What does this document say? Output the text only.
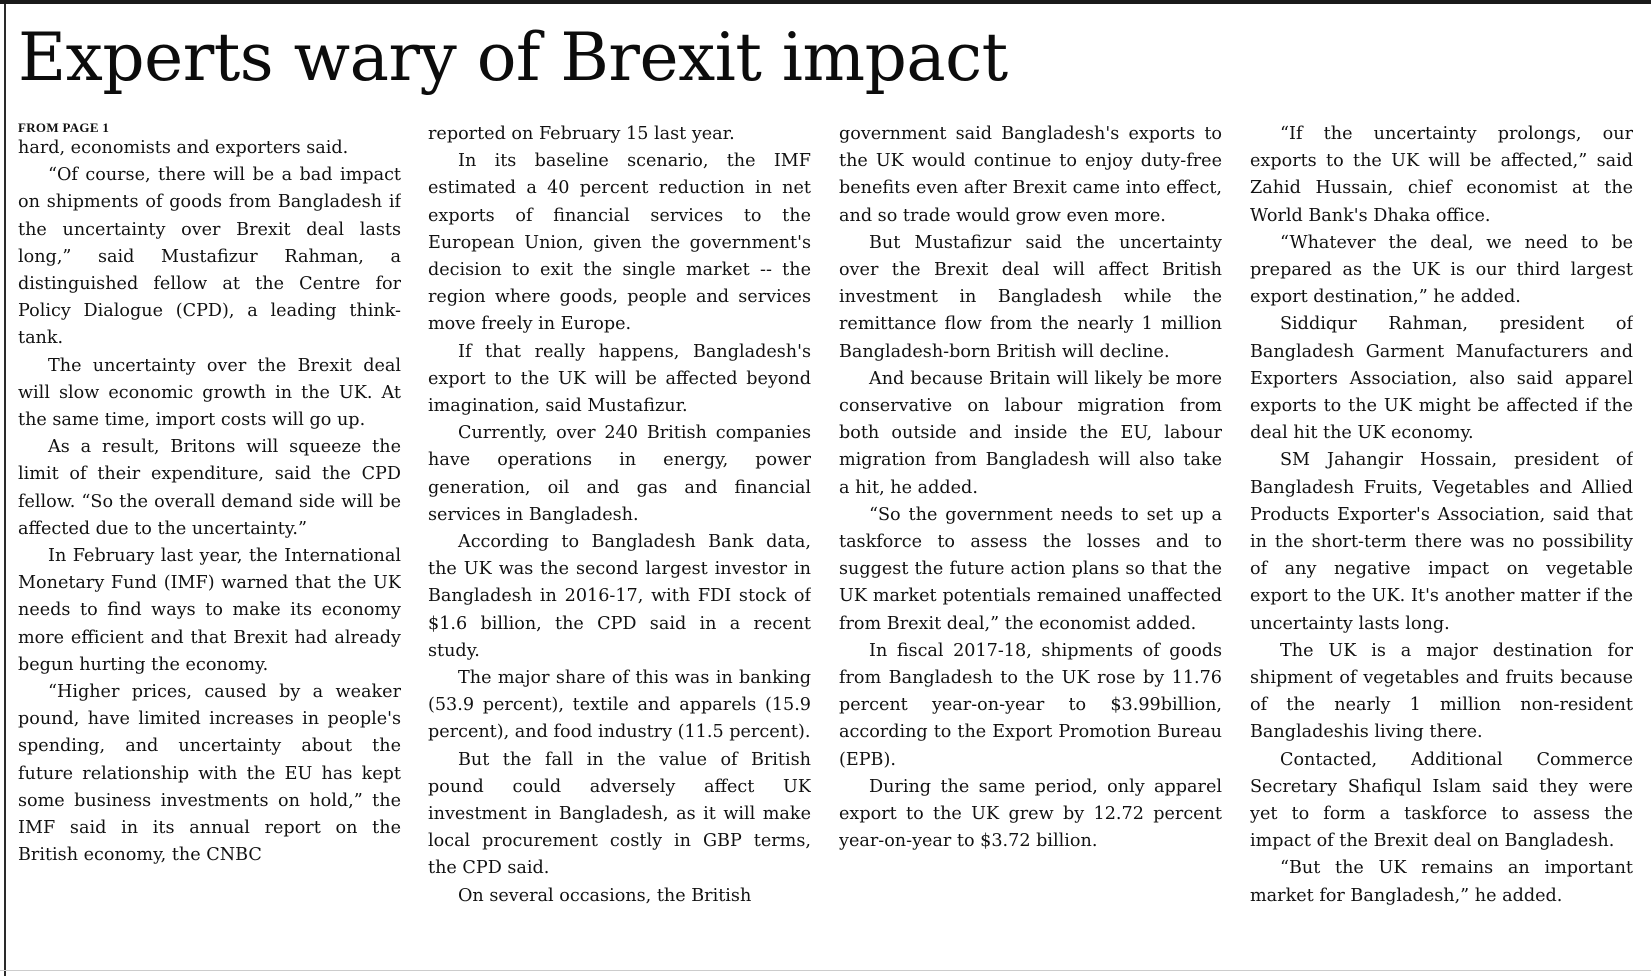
Experts wary of Brexit impact
FROM PAGE 1

hard, economists and exporters said.

“Of course, there will be a bad impact on shipments of goods from Bangladesh if the uncertainty over Brexit deal lasts long,” said Mustafizur Rahman, a distinguished fellow at the Centre for Policy Dialogue (CPD), a leading think-tank.

The uncertainty over the Brexit deal will slow economic growth in the UK. At the same time, import costs will go up.

As a result, Britons will squeeze the limit of their expenditure, said the CPD fellow. “So the overall demand side will be affected due to the uncertainty.”

In February last year, the International Monetary Fund (IMF) warned that the UK needs to find ways to make its economy more efficient and that Brexit had already begun hurting the economy.

“Higher prices, caused by a weaker pound, have limited increases in people's spending, and uncertainty about the future relationship with the EU has kept some business investments on hold,” the IMF said in its annual report on the British economy, the CNBC

reported on February 15 last year.

In its baseline scenario, the IMF estimated a 40 percent reduction in net exports of financial services to the European Union, given the government's decision to exit the single market -- the region where goods, people and services move freely in Europe.

If that really happens, Bangladesh's export to the UK will be affected beyond imagination, said Mustafizur.

Currently, over 240 British companies have operations in energy, power generation, oil and gas and financial services in Bangladesh.

According to Bangladesh Bank data, the UK was the second largest investor in Bangladesh in 2016-17, with FDI stock of $1.6 billion, the CPD said in a recent study.

The major share of this was in banking (53.9 percent), textile and apparels (15.9 percent), and food industry (11.5 percent).

But the fall in the value of British pound could adversely affect UK investment in Bangladesh, as it will make local procurement costly in GBP terms, the CPD said.

On several occasions, the British

government said Bangladesh's exports to the UK would continue to enjoy duty-free benefits even after Brexit came into effect, and so trade would grow even more.

But Mustafizur said the uncertainty over the Brexit deal will affect British investment in Bangladesh while the remittance flow from the nearly 1 million Bangladesh-born British will decline.

And because Britain will likely be more conservative on labour migration from both outside and inside the EU, labour migration from Bangladesh will also take a hit, he added.

“So the government needs to set up a taskforce to assess the losses and to suggest the future action plans so that the UK market potentials remained unaffected from Brexit deal,” the economist added.

In fiscal 2017-18, shipments of goods from Bangladesh to the UK rose by 11.76 percent year-on-year to $3.99billion, according to the Export Promotion Bureau (EPB).

During the same period, only apparel export to the UK grew by 12.72 percent year-on-year to $3.72 billion.

“If the uncertainty prolongs, our exports to the UK will be affected,” said Zahid Hussain, chief economist at the World Bank's Dhaka office.

“Whatever the deal, we need to be prepared as the UK is our third largest export destination,” he added.

Siddiqur Rahman, president of Bangladesh Garment Manufacturers and Exporters Association, also said apparel exports to the UK might be affected if the deal hit the UK economy.

SM Jahangir Hossain, president of Bangladesh Fruits, Vegetables and Allied Products Exporter's Association, said that in the short-term there was no possibility of any negative impact on vegetable export to the UK. It's another matter if the uncertainty lasts long.

The UK is a major destination for shipment of vegetables and fruits because of the nearly 1 million non-resident Bangladeshis living there.

Contacted, Additional Commerce Secretary Shafiqul Islam said they were yet to form a taskforce to assess the impact of the Brexit deal on Bangladesh.

“But the UK remains an important market for Bangladesh,” he added.
